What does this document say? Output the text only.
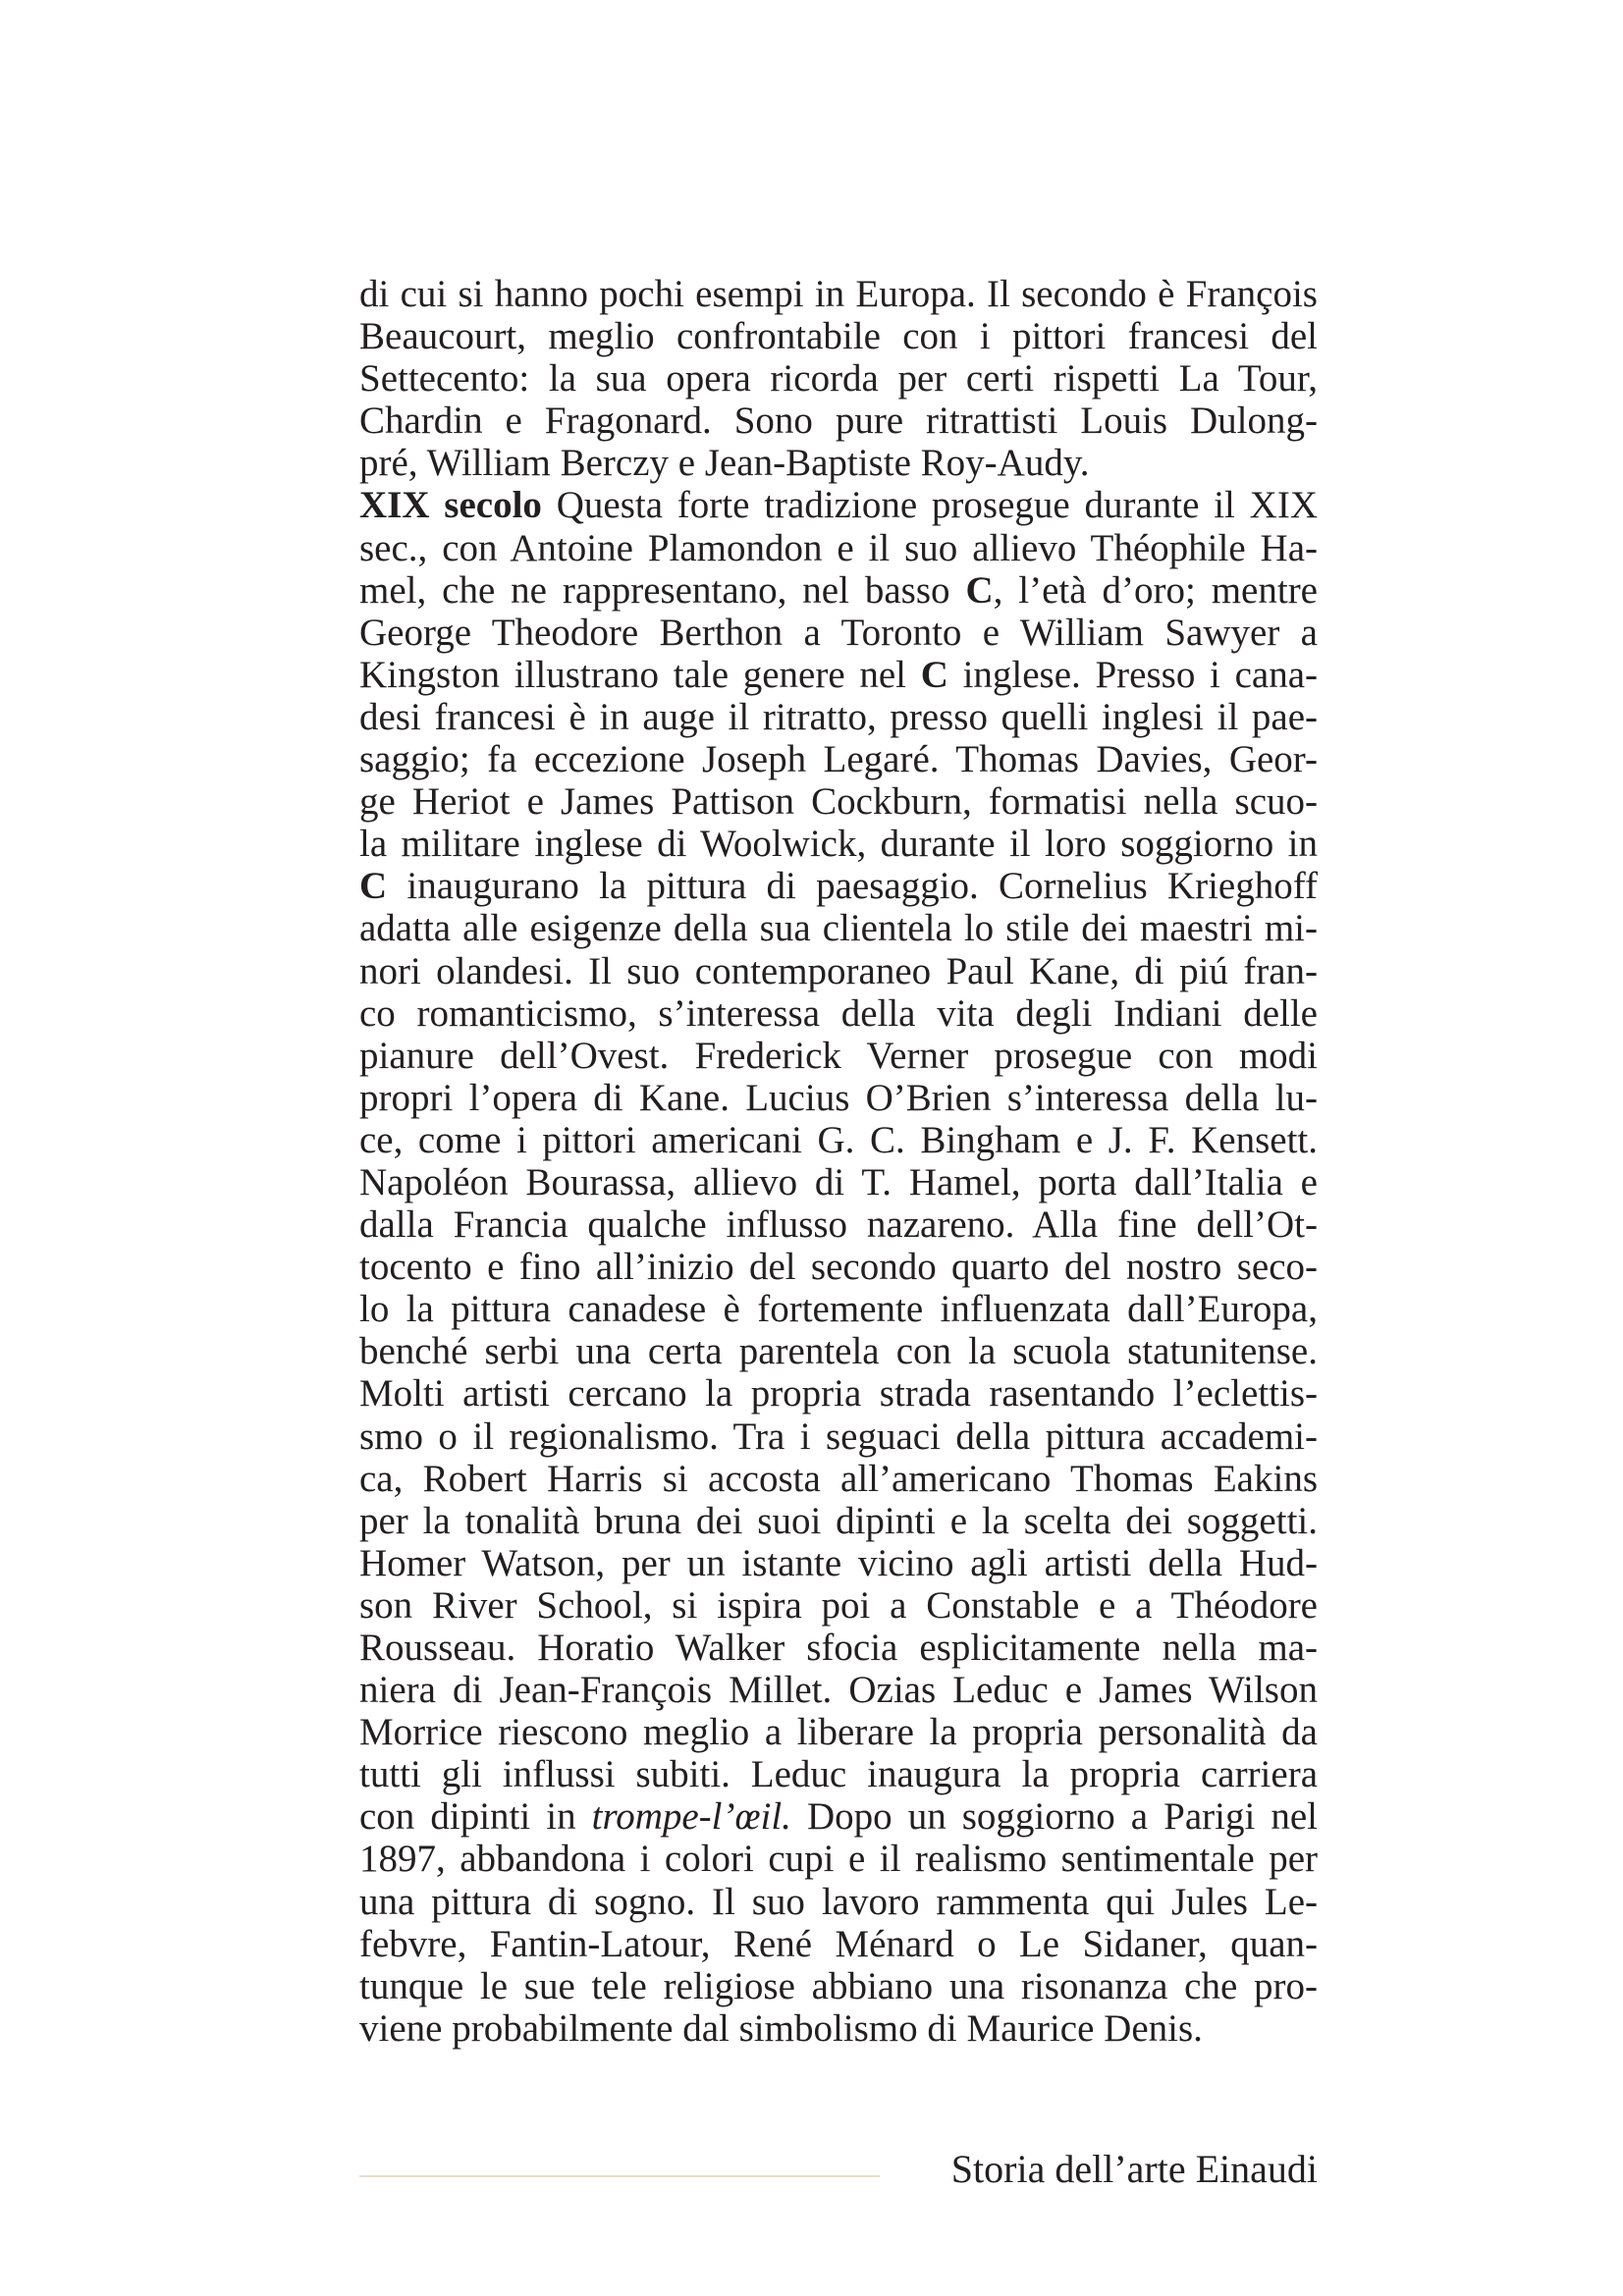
di cui si hanno pochi esempi in Europa. Il secondo è François
Beaucourt, meglio confrontabile con i pittori francesi del
Settecento: la sua opera ricorda per certi rispetti La Tour,
Chardin e Fragonard. Sono pure ritrattisti Louis Dulong-
pré, William Berczy e Jean-Baptiste Roy-Audy.
XIX secolo Questa forte tradizione prosegue durante il XIX
sec., con Antoine Plamondon e il suo allievo Théophile Ha-
mel, che ne rappresentano, nel basso C, l’età d’oro; mentre
George Theodore Berthon a Toronto e William Sawyer a
Kingston illustrano tale genere nel C inglese. Presso i cana-
desi francesi è in auge il ritratto, presso quelli inglesi il pae-
saggio; fa eccezione Joseph Legaré. Thomas Davies, Geor-
ge Heriot e James Pattison Cockburn, formatisi nella scuo-
la militare inglese di Woolwick, durante il loro soggiorno in
C inaugurano la pittura di paesaggio. Cornelius Krieghoff
adatta alle esigenze della sua clientela lo stile dei maestri mi-
nori olandesi. Il suo contemporaneo Paul Kane, di piú fran-
co romanticismo, s’interessa della vita degli Indiani delle
pianure dell’Ovest. Frederick Verner prosegue con modi
propri l’opera di Kane. Lucius O’Brien s’interessa della lu-
ce, come i pittori americani G. C. Bingham e J. F. Kensett.
Napoléon Bourassa, allievo di T. Hamel, porta dall’Italia e
dalla Francia qualche influsso nazareno. Alla fine dell’Ot-
tocento e fino all’inizio del secondo quarto del nostro seco-
lo la pittura canadese è fortemente influenzata dall’Europa,
benché serbi una certa parentela con la scuola statunitense.
Molti artisti cercano la propria strada rasentando l’eclettis-
smo o il regionalismo. Tra i seguaci della pittura accademi-
ca, Robert Harris si accosta all’americano Thomas Eakins
per la tonalità bruna dei suoi dipinti e la scelta dei soggetti.
Homer Watson, per un istante vicino agli artisti della Hud-
son River School, si ispira poi a Constable e a Théodore
Rousseau. Horatio Walker sfocia esplicitamente nella ma-
niera di Jean-François Millet. Ozias Leduc e James Wilson
Morrice riescono meglio a liberare la propria personalità da
tutti gli influssi subiti. Leduc inaugura la propria carriera
con dipinti in trompe-l’œil. Dopo un soggiorno a Parigi nel
1897, abbandona i colori cupi e il realismo sentimentale per
una pittura di sogno. Il suo lavoro rammenta qui Jules Le-
febvre, Fantin-Latour, René Ménard o Le Sidaner, quan-
tunque le sue tele religiose abbiano una risonanza che pro-
viene probabilmente dal simbolismo di Maurice Denis.
Storia dell’arte Einaudi
